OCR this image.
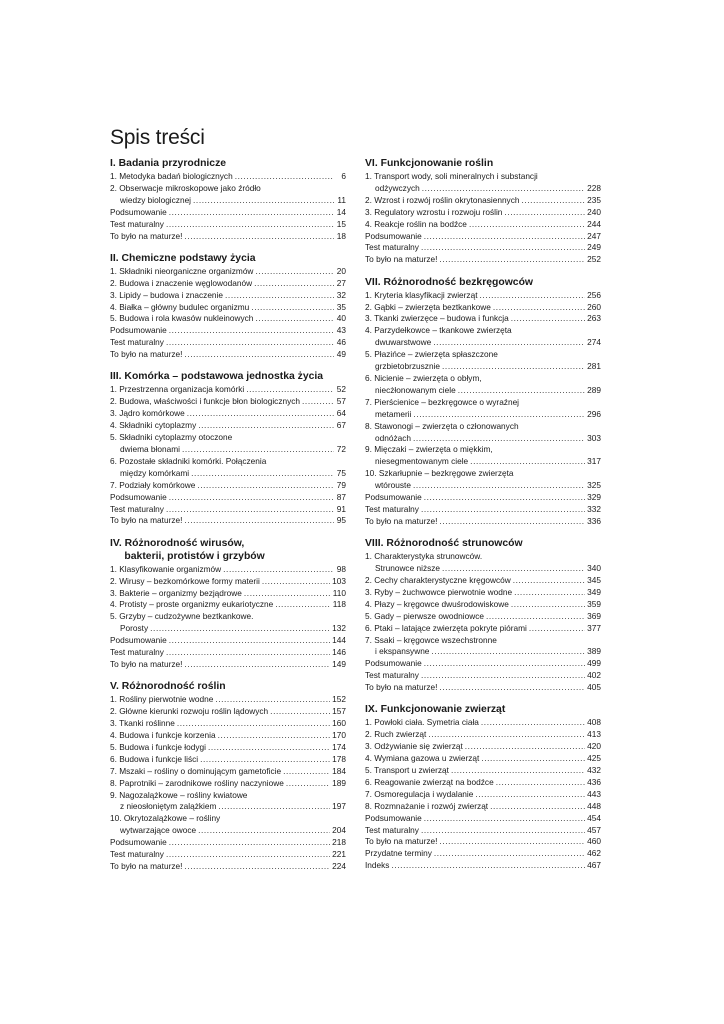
Spis treści
I. Badania przyrodnicze
1. Metodyka badań biologicznych .....	6
2. Obserwacje mikroskopowe jako źródło
wiedzy biologicznej .....	11
Podsumowanie .....	14
Test maturalny .....	15
To było na maturze! .....	18
II. Chemiczne podstawy życia
1. Składniki nieorganiczne organizmów .....	20
2. Budowa i znaczenie węglowodanów .....	27
3. Lipidy – budowa i znaczenie .....	32
4. Białka – główny budulec organizmu .....	35
5. Budowa i rola kwasów nukleinowych .....	40
Podsumowanie .....	43
Test maturalny .....	46
To było na maturze! .....	49
III. Komórka – podstawowa jednostka życia
1. Przestrzenna organizacja komórki .....	52
2. Budowa, właściwości i funkcje błon biologicznych .....	57
3. Jądro komórkowe .....	64
4. Składniki cytoplazmy .....	67
5. Składniki cytoplazmy otoczone
dwiema błonami .....	72
6. Pozostałe składniki komórki. Połączenia
między komórkami .....	75
7. Podziały komórkowe .....	79
Podsumowanie .....	87
Test maturalny .....	91
To było na maturze! .....	95
IV. Różnorodność wirusów,
bakterii, protistów i grzybów
1. Klasyfikowanie organizmów .....	98
2. Wirusy – bezkomórkowe formy materii .....	103
3. Bakterie – organizmy bezjądrowe .....	110
4. Protisty – proste organizmy eukariotyczne .....	118
5. Grzyby – cudzożywne beztkankowe.
Porosty .....	132
Podsumowanie .....	144
Test maturalny .....	146
To było na maturze! .....	149
V. Różnorodność roślin
1. Rośliny pierwotnie wodne .....	152
2. Główne kierunki rozwoju roślin lądowych .....	157
3. Tkanki roślinne .....	160
4. Budowa i funkcje korzenia .....	170
5. Budowa i funkcje łodygi .....	174
6. Budowa i funkcje liści .....	178
7. Mszaki – rośliny o dominującym gametoficie .....	184
8. Paprotniki – zarodnikowe rośliny naczyniowe .....	189
9. Nagozalążkowe – rośliny kwiatowe
z nieosłoniętym zalążkiem .....	197
10. Okrytozalążkowe – rośliny
wytwarzające owoce .....	204
Podsumowanie .....	218
Test maturalny .....	221
To było na maturze! .....	224
VI. Funkcjonowanie roślin
1. Transport wody, soli mineralnych i substancji
odżywczych .....	228
2. Wzrost i rozwój roślin okrytonasiennych .....	235
3. Regulatory wzrostu i rozwoju roślin .....	240
4. Reakcje roślin na bodźce .....	244
Podsumowanie .....	247
Test maturalny .....	249
To było na maturze! .....	252
VII. Różnorodność bezkręgowców
1. Kryteria klasyfikacji zwierząt .....	256
2. Gąbki – zwierzęta beztkankowe .....	260
3. Tkanki zwierzęce – budowa i funkcja .....	263
4. Parzydełkowce – tkankowe zwierzęta
dwuwarstwowe .....	274
5. Płazińce – zwierzęta spłaszczone
grzbietobrzusznie .....	281
6. Nicienie – zwierzęta o obłym,
niecżłonowanym ciele .....	289
7. Pierścienice – bezkręgowce o wyraźnej
metamerii .....	296
8. Stawonogi – zwierzęta o członowanych
odnóżach .....	303
9. Mięczaki – zwierzęta o miękkim,
niesegmentowanym ciele .....	317
10. Szkarłupnie – bezkręgowe zwierzęta
wtórouste .....	325
Podsumowanie .....	329
Test maturalny .....	332
To było na maturze! .....	336
VIII. Różnorodność strunowców
1. Charakterystyka strunowców.
Strunowce niższe .....	340
2. Cechy charakterystyczne kręgowców .....	345
3. Ryby – żuchwowce pierwotnie wodne .....	349
4. Płazy – kręgowce dwuśrodowiskowe .....	359
5. Gady – pierwsze owodniowce .....	369
6. Ptaki – latające zwierzęta pokryte piórami .....	377
7. Ssaki – kręgowce wszechstronne
i ekspansywne .....	389
Podsumowanie .....	499
Test maturalny .....	402
To było na maturze! .....	405
IX. Funkcjonowanie zwierząt
1. Powłoki ciała. Symetria ciała .....	408
2. Ruch zwierząt .....	413
3. Odżywianie się zwierząt .....	420
4. Wymiana gazowa u zwierząt .....	425
5. Transport u zwierząt .....	432
6. Reagowanie zwierząt na bodźce .....	436
7. Osmoregulacja i wydalanie .....	443
8. Rozmnażanie i rozwój zwierząt .....	448
Podsumowanie .....	454
Test maturalny .....	457
To było na maturze! .....	460
Przydatne terminy .....	462
Indeks .....	467
